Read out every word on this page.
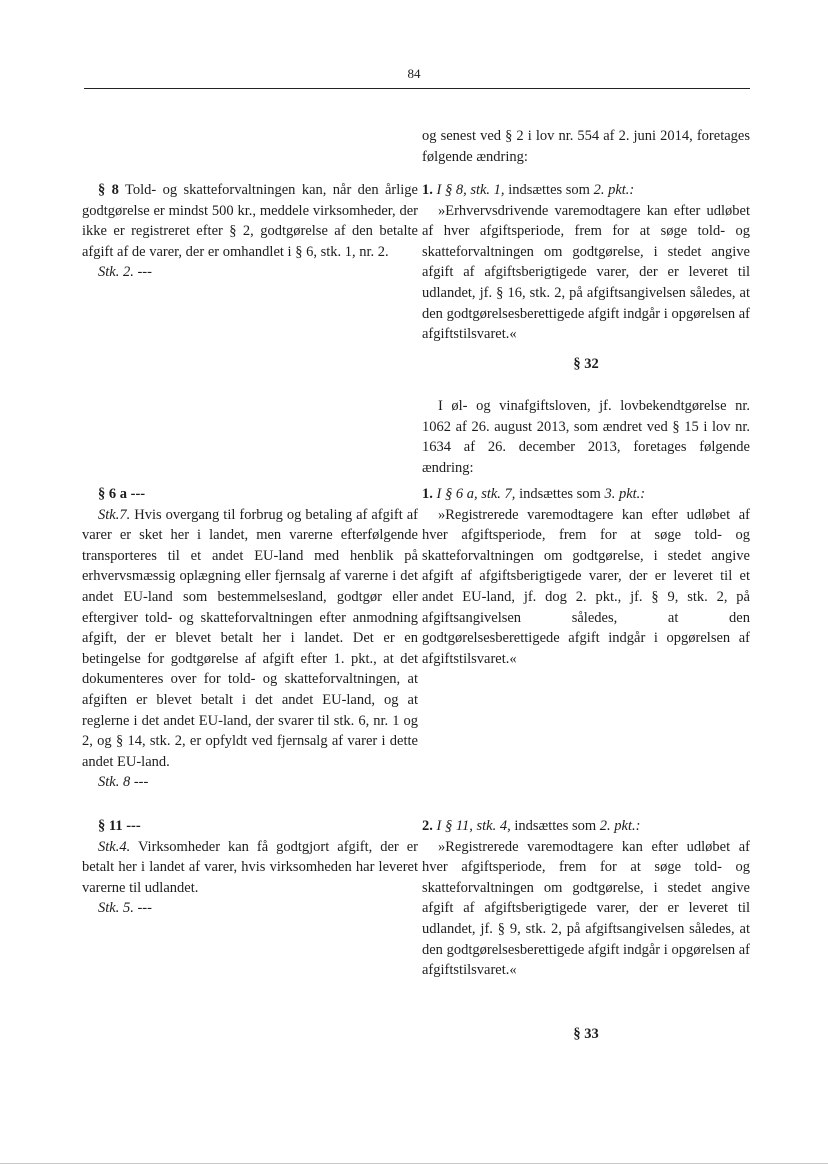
84

§ 8 Told- og skatteforvaltningen kan, når den årlige godtgørelse er mindst 500 kr., meddele virksomheder, der ikke er registreret efter § 2, godtgørelse af den betalte afgift af de varer, der er omhandlet i § 6, stk. 1, nr. 2.

Stk. 2. ---

§ 6 a ---

Stk.7. Hvis overgang til forbrug og betaling af afgift af varer er sket her i landet, men varerne efterfølgende transporteres til et andet EU-land med henblik på erhvervsmæssig oplægning eller fjernsalg af varerne i det andet EU-land som bestemmelsesland, godtgør eller eftergiver told- og skatteforvaltningen efter anmodning afgift, der er blevet betalt her i landet. Det er en betingelse for godtgørelse af afgift efter 1. pkt., at det dokumenteres over for told- og skatteforvaltningen, at afgiften er blevet betalt i det andet EU-land, og at reglerne i det andet EU-land, der svarer til stk. 6, nr. 1 og 2, og § 14, stk. 2, er opfyldt ved fjernsalg af varer i dette andet EU-land.

Stk. 8 ---

§ 11 ---

Stk.4. Virksomheder kan få godtgjort afgift, der er betalt her i landet af varer, hvis virksomheden har leveret varerne til udlandet.

Stk. 5. ---

og senest ved § 2 i lov nr. 554 af 2. juni 2014, foretages følgende ændring:

1. I § 8, stk. 1, indsættes som 2. pkt.:

»Erhvervsdrivende varemodtagere kan efter udløbet af hver afgiftsperiode, frem for at søge told- og skatteforvaltningen om godtgørelse, i stedet angive afgift af afgiftsberigtigede varer, der er leveret til udlandet, jf. § 16, stk. 2, på afgiftsangivelsen således, at den godtgørelsesberettigede afgift indgår i opgørelsen af afgiftstilsvaret.«

§ 32

I øl- og vinafgiftsloven, jf. lovbekendtgørelse nr. 1062 af 26. august 2013, som ændret ved § 15 i lov nr. 1634 af 26. december 2013, foretages følgende ændring:

1. I § 6 a, stk. 7, indsættes som 3. pkt.:

»Registrerede varemodtagere kan efter udløbet af hver afgiftsperiode, frem for at søge told- og skatteforvaltningen om godtgørelse, i stedet angive afgift af afgiftsberigtigede varer, der er leveret til et andet EU-land, jf. dog 2. pkt., jf. § 9, stk. 2, på afgiftsangivelsen således, at den godtgørelsesberettigede afgift indgår i opgørelsen af afgiftstilsvaret.«

2. I § 11, stk. 4, indsættes som 2. pkt.:

»Registrerede varemodtagere kan efter udløbet af hver afgiftsperiode, frem for at søge told- og skatteforvaltningen om godtgørelse, i stedet angive afgift af afgiftsberigtigede varer, der er leveret til udlandet, jf. § 9, stk. 2, på afgiftsangivelsen således, at den godtgørelsesberettigede afgift indgår i opgørelsen af afgiftstilsvaret.«

§ 33
